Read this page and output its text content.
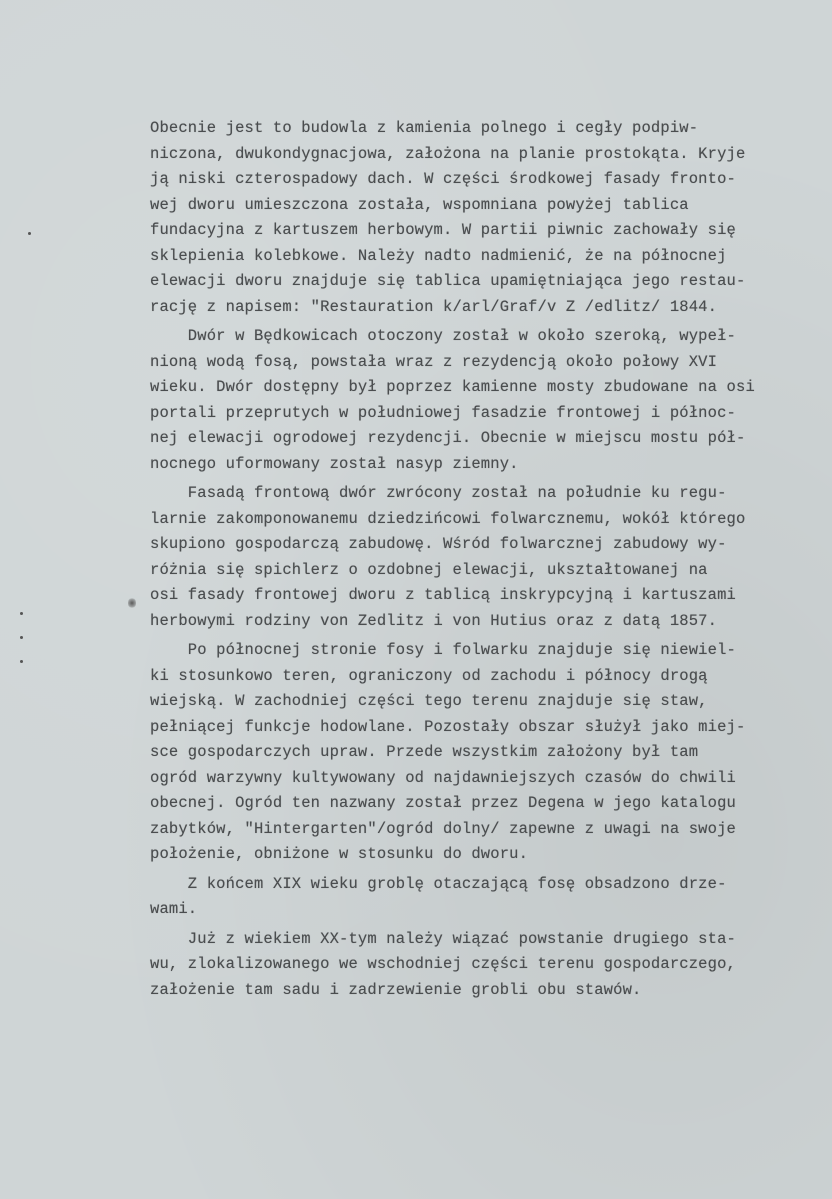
Obecnie jest to budowla z kamienia polnego i cegły podpiw-
niczona, dwukondygnacjowa, założona na planie prostokąta. Kryje
ją niski czterospadowy dach. W części środkowej fasady fronto-
wej dworu umieszczona została, wspomniana powyżej tablica
fundacyjna z kartuszem herbowym. W partii piwnic zachowały się
sklepienia kolebkowe. Należy nadto nadmienić, że na północnej
elewacji dworu znajduje się tablica upamiętniająca jego restau-
rację z napisem: "Restauration k/arl/Graf/v Z /edlitz/ 1844.
Dwór w Będkowicach otoczony został w około szeroką, wypeł-
nioną wodą fosą, powstała wraz z rezydencją około połowy XVI
wieku. Dwór dostępny był poprzez kamienne mosty zbudowane na osi
portali przeprutych w południowej fasadzie frontowej i północ-
nej elewacji ogrodowej rezydencji. Obecnie w miejscu mostu pół-
nocnego uformowany został nasyp ziemny.
Fasadą frontową dwór zwrócony został na południe ku regu-
larnie zakomponowanemu dziedzińcowi folwarcznemu, wokół którego
skupiono gospodarczą zabudowę. Wśród folwarcznej zabudowy wy-
różnia się spichlerz o ozdobnej elewacji, ukształtowanej na
osi fasady frontowej dworu z tablicą inskrypcyjną i kartuszami
herbowymi rodziny von Zedlitz i von Hutius oraz z datą 1857.
Po północnej stronie fosy i folwarku znajduje się niewiel-
ki stosunkowo teren, ograniczony od zachodu i północy drogą
wiejską. W zachodniej części tego terenu znajduje się staw,
pełniącej funkcje hodowlane. Pozostały obszar służył jako miej-
sce gospodarczych upraw. Przede wszystkim założony był tam
ogród warzywny kultywowany od najdawniejszych czasów do chwili
obecnej. Ogród ten nazwany został przez Degena w jego katalogu
zabytków, "Hintergarten"/ogród dolny/ zapewne z uwagi na swoje
położenie, obniżone w stosunku do dworu.
Z końcem XIX wieku groblę otaczającą fosę obsadzono drze-
wami.
Już z wiekiem XX-tym należy wiązać powstanie drugiego sta-
wu, zlokalizowanego we wschodniej części terenu gospodarczego,
założenie tam sadu i zadrzewienie grobli obu stawów.
